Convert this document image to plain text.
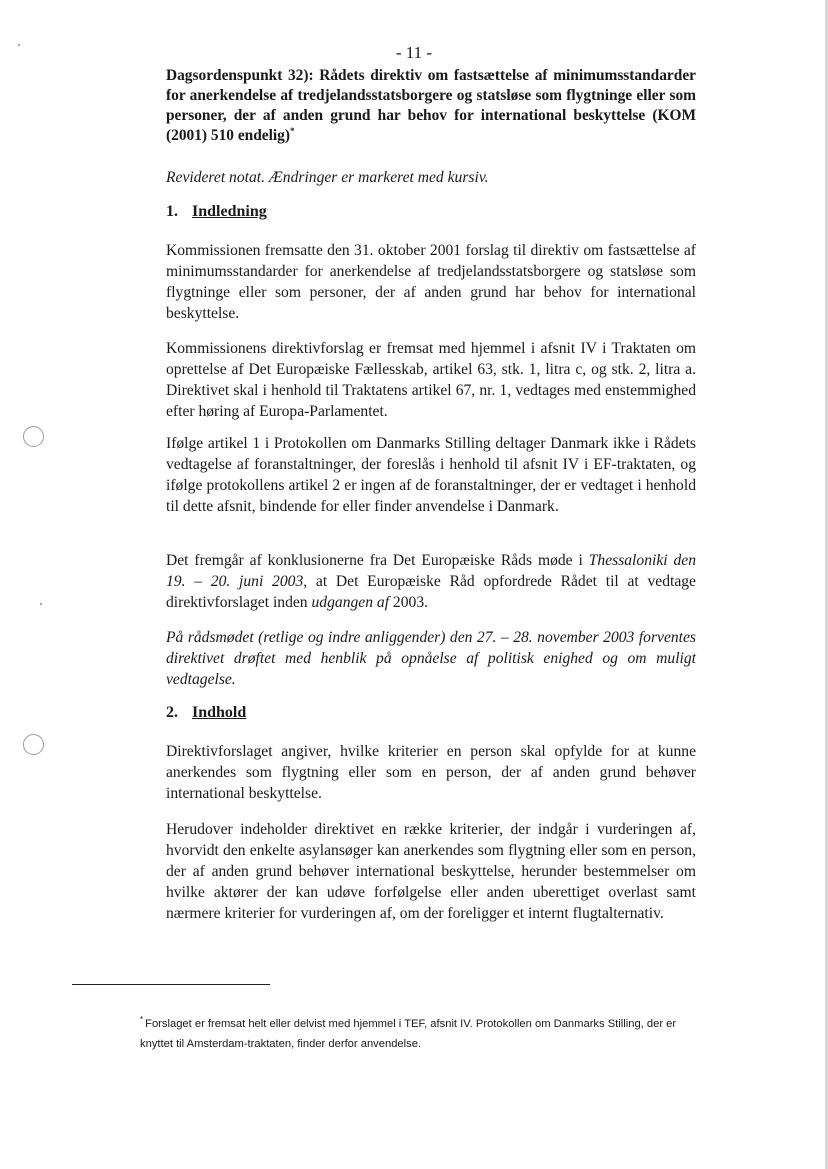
- 11 -
Dagsordenspunkt 32): Rådets direktiv om fastsættelse af minimumsstandarder for anerkendelse af tredjelandsstatsborgere og statsløse som flygtninge eller som personer, der af anden grund har behov for international beskyttelse (KOM (2001) 510 endelig)*
Revideret notat. Ændringer er markeret med kursiv.
1. Indledning
Kommissionen fremsatte den 31. oktober 2001 forslag til direktiv om fastsættelse af minimumsstandarder for anerkendelse af tredjelandsstatsborgere og statsløse som flygtninge eller som personer, der af anden grund har behov for international beskyttelse.
Kommissionens direktivforslag er fremsat med hjemmel i afsnit IV i Traktaten om oprettelse af Det Europæiske Fællesskab, artikel 63, stk. 1, litra c, og stk. 2, litra a. Direktivet skal i henhold til Traktatens artikel 67, nr. 1, vedtages med enstemmighed efter høring af Europa-Parlamentet.
Ifølge artikel 1 i Protokollen om Danmarks Stilling deltager Danmark ikke i Rådets vedtagelse af foranstaltninger, der foreslås i henhold til afsnit IV i EF-traktaten, og ifølge protokollens artikel 2 er ingen af de foranstaltninger, der er vedtaget i henhold til dette afsnit, bindende for eller finder anvendelse i Danmark.
Det fremgår af konklusionerne fra Det Europæiske Råds møde i Thessaloniki den 19. – 20. juni 2003, at Det Europæiske Råd opfordrede Rådet til at vedtage direktivforslaget inden udgangen af 2003.
På rådsmødet (retlige og indre anliggender) den 27. – 28. november 2003 forventes direktivet drøftet med henblik på opnåelse af politisk enighed og om muligt vedtagelse.
2. Indhold
Direktivforslaget angiver, hvilke kriterier en person skal opfylde for at kunne anerkendes som flygtning eller som en person, der af anden grund behøver international beskyttelse.
Herudover indeholder direktivet en række kriterier, der indgår i vurderingen af, hvorvidt den enkelte asylansøger kan anerkendes som flygtning eller som en person, der af anden grund behøver international beskyttelse, herunder bestemmelser om hvilke aktører der kan udøve forfølgelse eller anden uberettiget overlast samt nærmere kriterier for vurderingen af, om der foreligger et internt flugtalternativ.
* Forslaget er fremsat helt eller delvist med hjemmel i TEF, afsnit IV. Protokollen om Danmarks Stilling, der er knyttet til Amsterdam-traktaten, finder derfor anvendelse.
